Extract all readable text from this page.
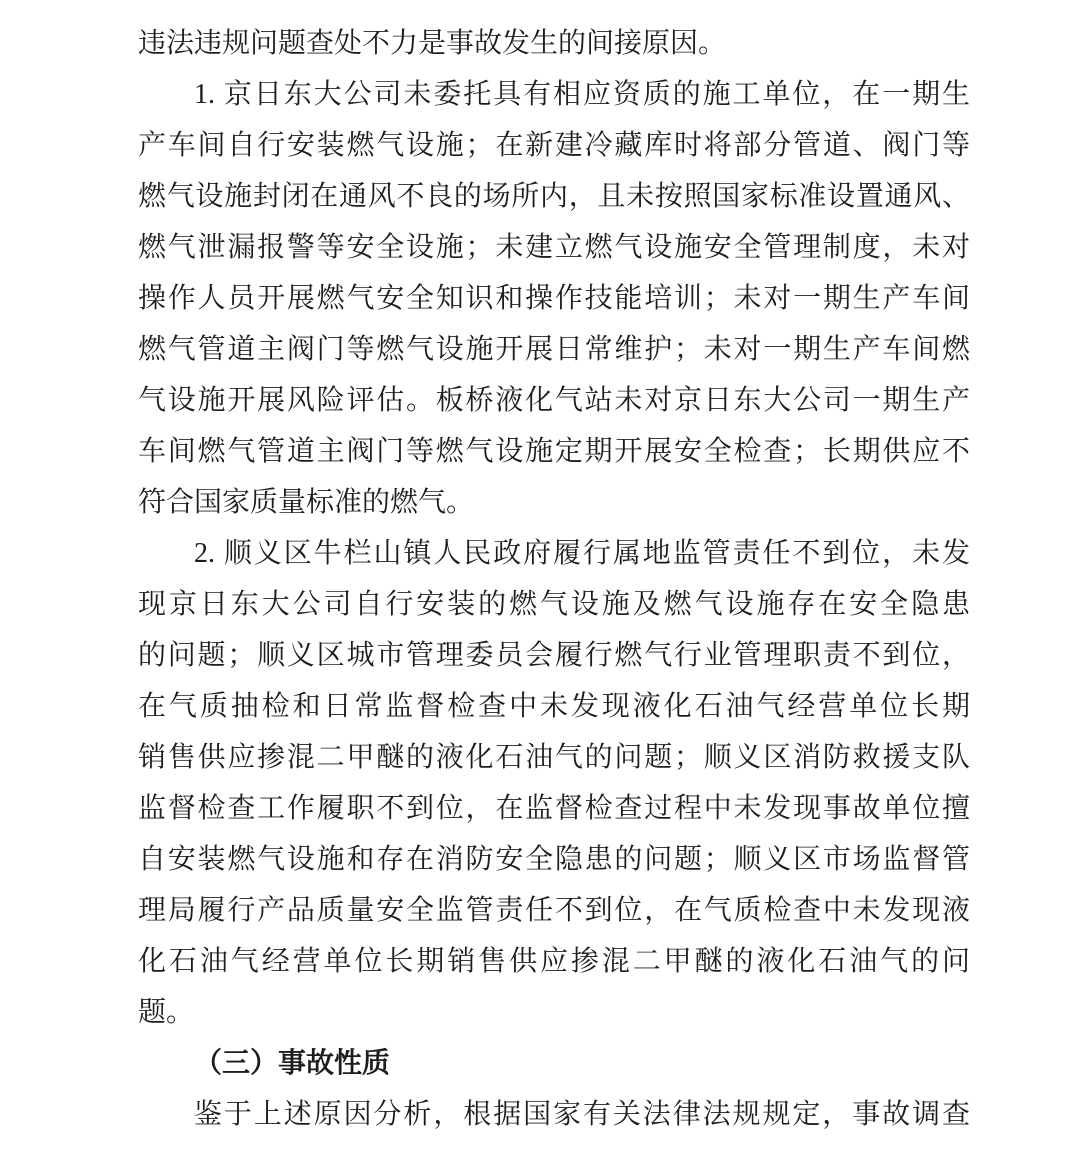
违法违规问题查处不力是事故发生的间接原因。
1. 京日东大公司未委托具有相应资质的施工单位，在一期生
产车间自行安装燃气设施；在新建冷藏库时将部分管道、阀门等
燃气设施封闭在通风不良的场所内，且未按照国家标准设置通风、
燃气泄漏报警等安全设施；未建立燃气设施安全管理制度，未对
操作人员开展燃气安全知识和操作技能培训；未对一期生产车间
燃气管道主阀门等燃气设施开展日常维护；未对一期生产车间燃
气设施开展风险评估。板桥液化气站未对京日东大公司一期生产
车间燃气管道主阀门等燃气设施定期开展安全检查；长期供应不
符合国家质量标准的燃气。
2. 顺义区牛栏山镇人民政府履行属地监管责任不到位，未发
现京日东大公司自行安装的燃气设施及燃气设施存在安全隐患
的问题；顺义区城市管理委员会履行燃气行业管理职责不到位，
在气质抽检和日常监督检查中未发现液化石油气经营单位长期
销售供应掺混二甲醚的液化石油气的问题；顺义区消防救援支队
监督检查工作履职不到位，在监督检查过程中未发现事故单位擅
自安装燃气设施和存在消防安全隐患的问题；顺义区市场监督管
理局履行产品质量安全监管责任不到位，在气质检查中未发现液
化石油气经营单位长期销售供应掺混二甲醚的液化石油气的问
题。
（三）事故性质
鉴于上述原因分析，根据国家有关法律法规规定，事故调查
